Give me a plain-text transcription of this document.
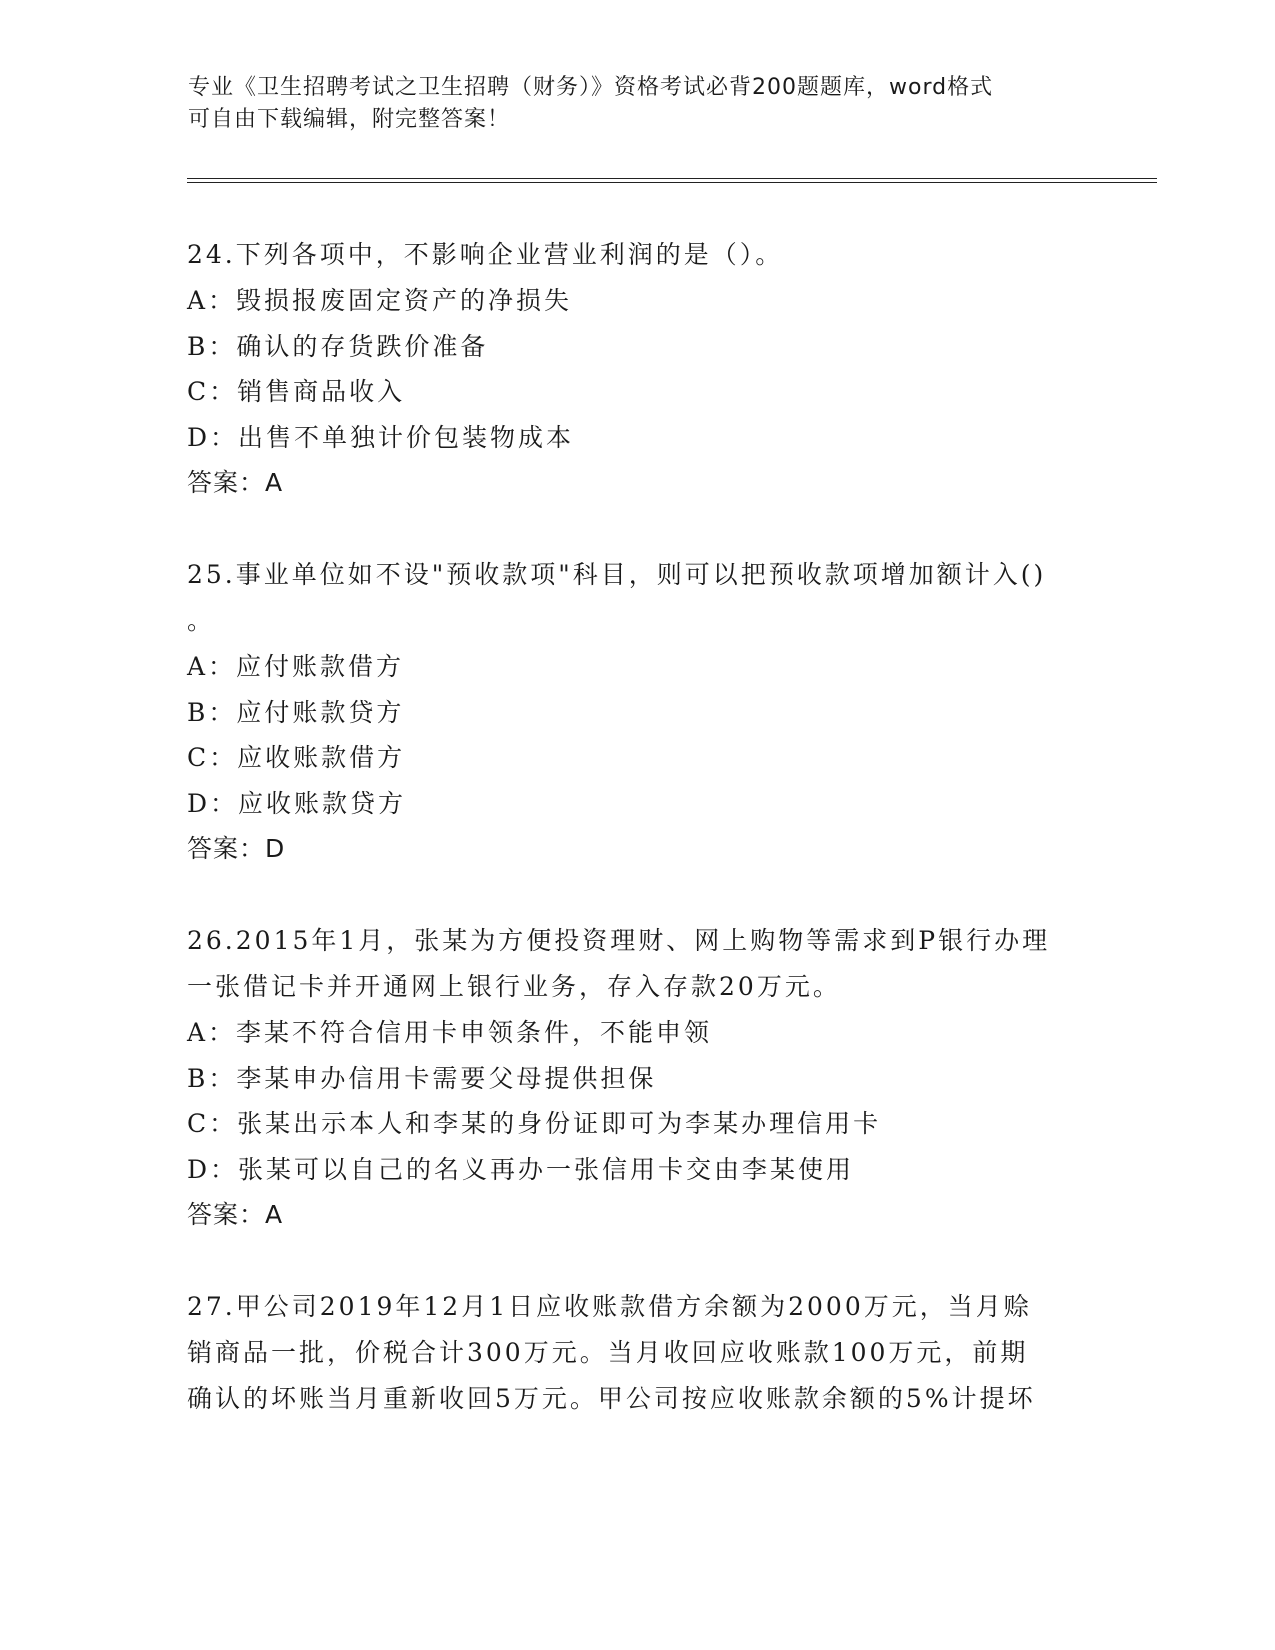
专业《卫生招聘考试之卫生招聘（财务）》资格考试必背200题题库，word格式
可自由下载编辑，附完整答案！
24.下列各项中，不影响企业营业利润的是（）。
A：毁损报废固定资产的净损失
B：确认的存货跌价准备
C：销售商品收入
D：出售不单独计价包装物成本
答案：A
25.事业单位如不设"预收款项"科目，则可以把预收款项增加额计入()
。
A：应付账款借方
B：应付账款贷方
C：应收账款借方
D：应收账款贷方
答案：D
26.2015年1月，张某为方便投资理财、网上购物等需求到P银行办理
一张借记卡并开通网上银行业务，存入存款20万元。
A：李某不符合信用卡申领条件，不能申领
B：李某申办信用卡需要父母提供担保
C：张某出示本人和李某的身份证即可为李某办理信用卡
D：张某可以自己的名义再办一张信用卡交由李某使用
答案：A
27.甲公司2019年12月1日应收账款借方余额为2000万元，当月赊
销商品一批，价税合计300万元。当月收回应收账款100万元，前期
确认的坏账当月重新收回5万元。甲公司按应收账款余额的5%计提坏
